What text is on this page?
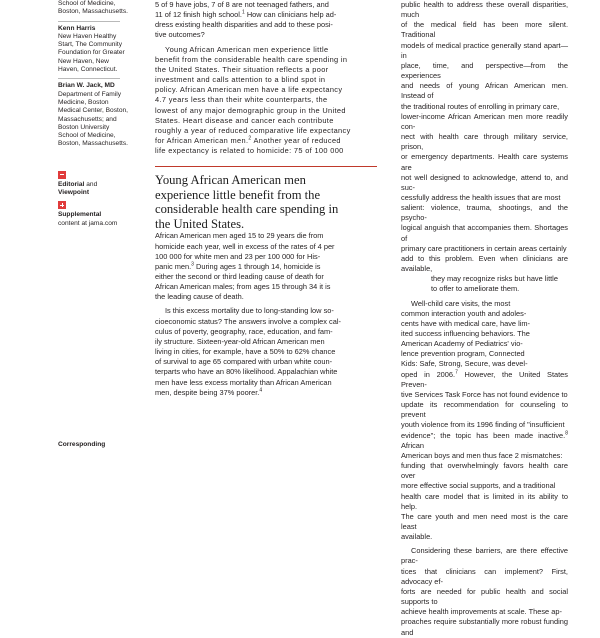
School of Medicine,
Boston, Massachusetts.
Kenn Harris
New Haven Healthy
Start, The Community
Foundation for Greater
New Haven, New
Haven, Connecticut.
Brian W. Jack, MD
Department of Family
Medicine, Boston
Medical Center, Boston,
Massachusetts; and
Boston University
School of Medicine,
Boston, Massachusetts.
Editorial and
Viewpoint
Supplemental
content at jama.com
Corresponding

5 of 9 have jobs, 7 of 8 are not teenaged fathers, and
11 of 12 finish high school.$^1$ How can clinicians help ad-
dress existing health disparities and add to these posi-
tive outcomes?

Young African American men experience little
benefit from the considerable health care spending in
the United States. Their situation reflects a poor
investment and calls attention to a blind spot in
policy. African American men have a life expectancy
4.7 years less than their white counterparts, the
lowest of any major demographic group in the United
States. Heart disease and cancer each contribute
roughly a year of reduced comparative life expectancy
for African American men.$^2$ Another year of reduced
life expectancy is related to homicide: 75 of 100 000

Young African American men
experience little benefit from the
considerable health care spending in
the United States.

African American men aged 15 to 29 years die from
homicide each year, well in excess of the rates of 4 per
100 000 for white men and 23 per 100 000 for His-
panic men.$^3$ During ages 1 through 14, homicide is
either the second or third leading cause of death for
African American males; from ages 15 through 34 it is
the leading cause of death.

Is this excess mortality due to long-standing low so-
cioeconomic status? The answers involve a complex cal-
culus of poverty, geography, race, education, and fam-
ily structure. Sixteen-year-old African American men
living in cities, for example, have a 50% to 62% chance
of survival to age 65 compared with urban white coun-
terparts who have an 80% likelihood. Appalachian white
men have less excess mortality than African American
men, despite being 37% poorer.$^4$

public health to address these overall disparities, much
of the medical field has been more silent. Traditional
models of medical practice generally stand apart—in
place, time, and perspective—from the experiences
and needs of young African American men. Instead of
the traditional routes of enrolling in primary care,
lower-income African American men more readily con-
nect with health care through military service, prison,
or emergency departments. Health care systems are
not well designed to acknowledge, attend to, and suc-
cessfully address the health issues that are most
salient: violence, trauma, shootings, and the psycho-
logical anguish that accompanies them. Shortages of
primary care practitioners in certain areas certainly
add to this problem. Even when clinicians are available,
they may recognize risks but have little
to offer to ameliorate them.

Well-child care visits, the most
common interaction youth and adoles-
cents have with medical care, have lim-
ited success influencing behaviors. The
American Academy of Pediatrics' vio-
lence prevention program, Connected
Kids: Safe, Strong, Secure, was devel-

oped in 2006.$^7$ However, the United States Preven-
tive Services Task Force has not found evidence to
update its recommendation for counseling to prevent
youth violence from its 1996 finding of "insufficient
evidence"; the topic has been made inactive.$^8$ African
American boys and men thus face 2 mismatches:
funding that overwhelmingly favors health care over
more effective social supports, and a traditional
health care model that is limited in its ability to help.
The care youth and men need most is the care least
available.

Considering these barriers, are there effective prac-
tices that clinicians can implement? First, advocacy ef-
forts are needed for public health and social supports to
achieve health improvements at scale. These ap-
proaches require substantially more robust funding and
